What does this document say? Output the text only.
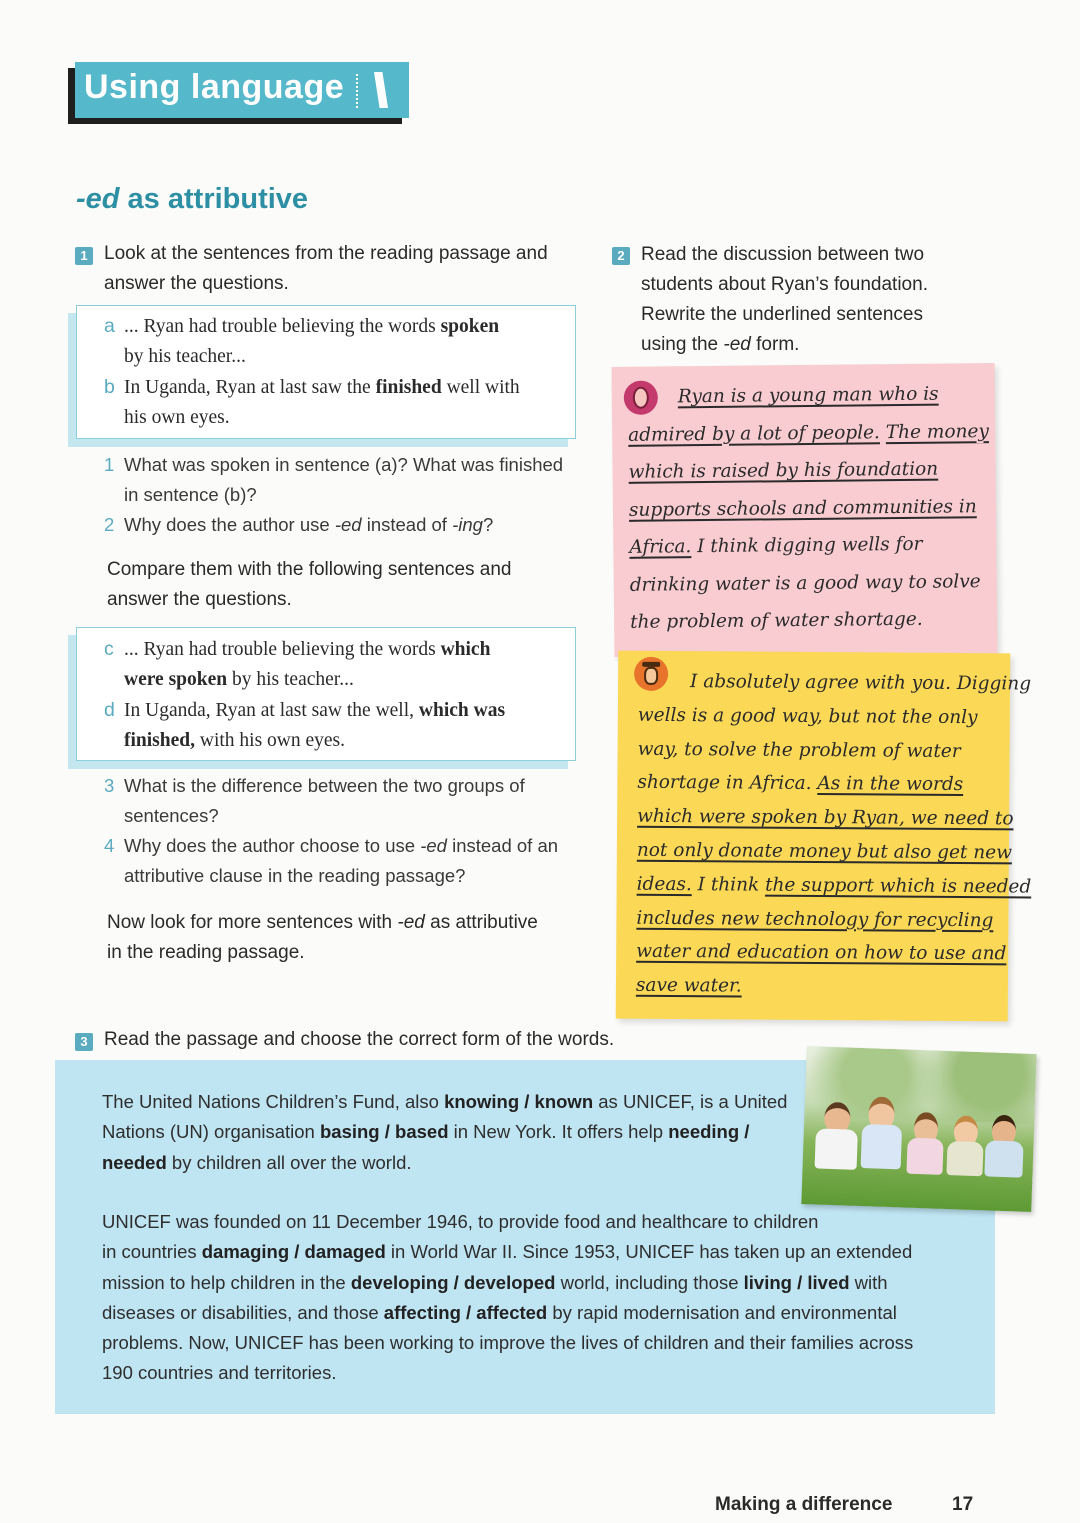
Using language
-ed as attributive
1 Look at the sentences from the reading passage and
answer the questions.
a ... Ryan had trouble believing the words spoken
by his teacher...
b In Uganda, Ryan at last saw the finished well with
his own eyes.
1 What was spoken in sentence (a)? What was finished
in sentence (b)?
2 Why does the author use -ed instead of -ing?
Compare them with the following sentences and
answer the questions.
c ... Ryan had trouble believing the words which
were spoken by his teacher...
d In Uganda, Ryan at last saw the well, which was
finished, with his own eyes.
3 What is the difference between the two groups of
sentences?
4 Why does the author choose to use -ed instead of an
attributive clause in the reading passage?
Now look for more sentences with -ed as attributive
in the reading passage.
2 Read the discussion between two
students about Ryan’s foundation.
Rewrite the underlined sentences
using the -ed form.
Ryan is a young man who is
admired by a lot of people. The money
which is raised by his foundation
supports schools and communities in
Africa. I think digging wells for
drinking water is a good way to solve
the problem of water shortage.
I absolutely agree with you. Digging
wells is a good way, but not the only
way, to solve the problem of water
shortage in Africa. As in the words
which were spoken by Ryan, we need to
not only donate money but also get new
ideas. I think the support which is needed
includes new technology for recycling
water and education on how to use and
save water.
3 Read the passage and choose the correct form of the words.
The United Nations Children’s Fund, also knowing / known as UNICEF, is a United
Nations (UN) organisation basing / based in New York. It offers help needing /
needed by children all over the world.
UNICEF was founded on 11 December 1946, to provide food and healthcare to children
in countries damaging / damaged in World War II. Since 1953, UNICEF has taken up an extended
mission to help children in the developing / developed world, including those living / lived with
diseases or disabilities, and those affecting / affected by rapid modernisation and environmental
problems. Now, UNICEF has been working to improve the lives of children and their families across
190 countries and territories.
Making a difference	17
